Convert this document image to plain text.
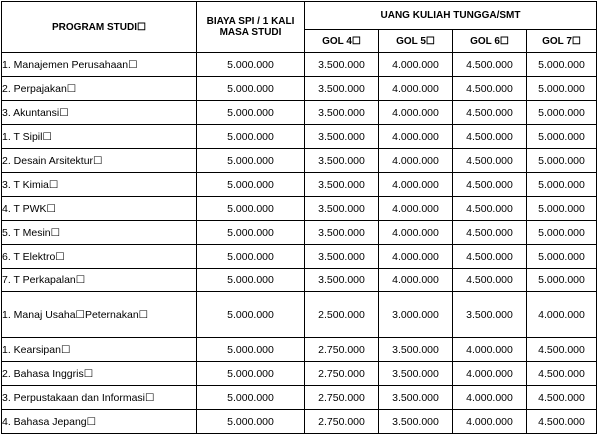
PROGRAM STUDI☐	BIAYA SPI / 1 KALI MASA STUDI	UANG KULIAH TUNGGA/SMT			
		GOL 4☐	GOL 5☐	GOL 6☐	GOL 7☐
1. Manajemen Perusahaan☐	5.000.000	3.500.000	4.000.000	4.500.000	5.000.000
2. Perpajakan☐	5.000.000	3.500.000	4.000.000	4.500.000	5.000.000
3. Akuntansi☐	5.000.000	3.500.000	4.000.000	4.500.000	5.000.000
1. T Sipil☐	5.000.000	3.500.000	4.000.000	4.500.000	5.000.000
2. Desain Arsitektur☐	5.000.000	3.500.000	4.000.000	4.500.000	5.000.000
3. T Kimia☐	5.000.000	3.500.000	4.000.000	4.500.000	5.000.000
4. T PWK☐	5.000.000	3.500.000	4.000.000	4.500.000	5.000.000
5. T Mesin☐	5.000.000	3.500.000	4.000.000	4.500.000	5.000.000
6. T Elektro☐	5.000.000	3.500.000	4.000.000	4.500.000	5.000.000
7. T Perkapalan☐	5.000.000	3.500.000	4.000.000	4.500.000	5.000.000
1. Manaj Usaha☐Peternakan☐	5.000.000	2.500.000	3.000.000	3.500.000	4.000.000
1. Kearsipan☐	5.000.000	2.750.000	3.500.000	4.000.000	4.500.000
2. Bahasa Inggris☐	5.000.000	2.750.000	3.500.000	4.000.000	4.500.000
3. Perpustakaan dan Informasi☐	5.000.000	2.750.000	3.500.000	4.000.000	4.500.000
4. Bahasa Jepang☐	5.000.000	2.750.000	3.500.000	4.000.000	4.500.000
